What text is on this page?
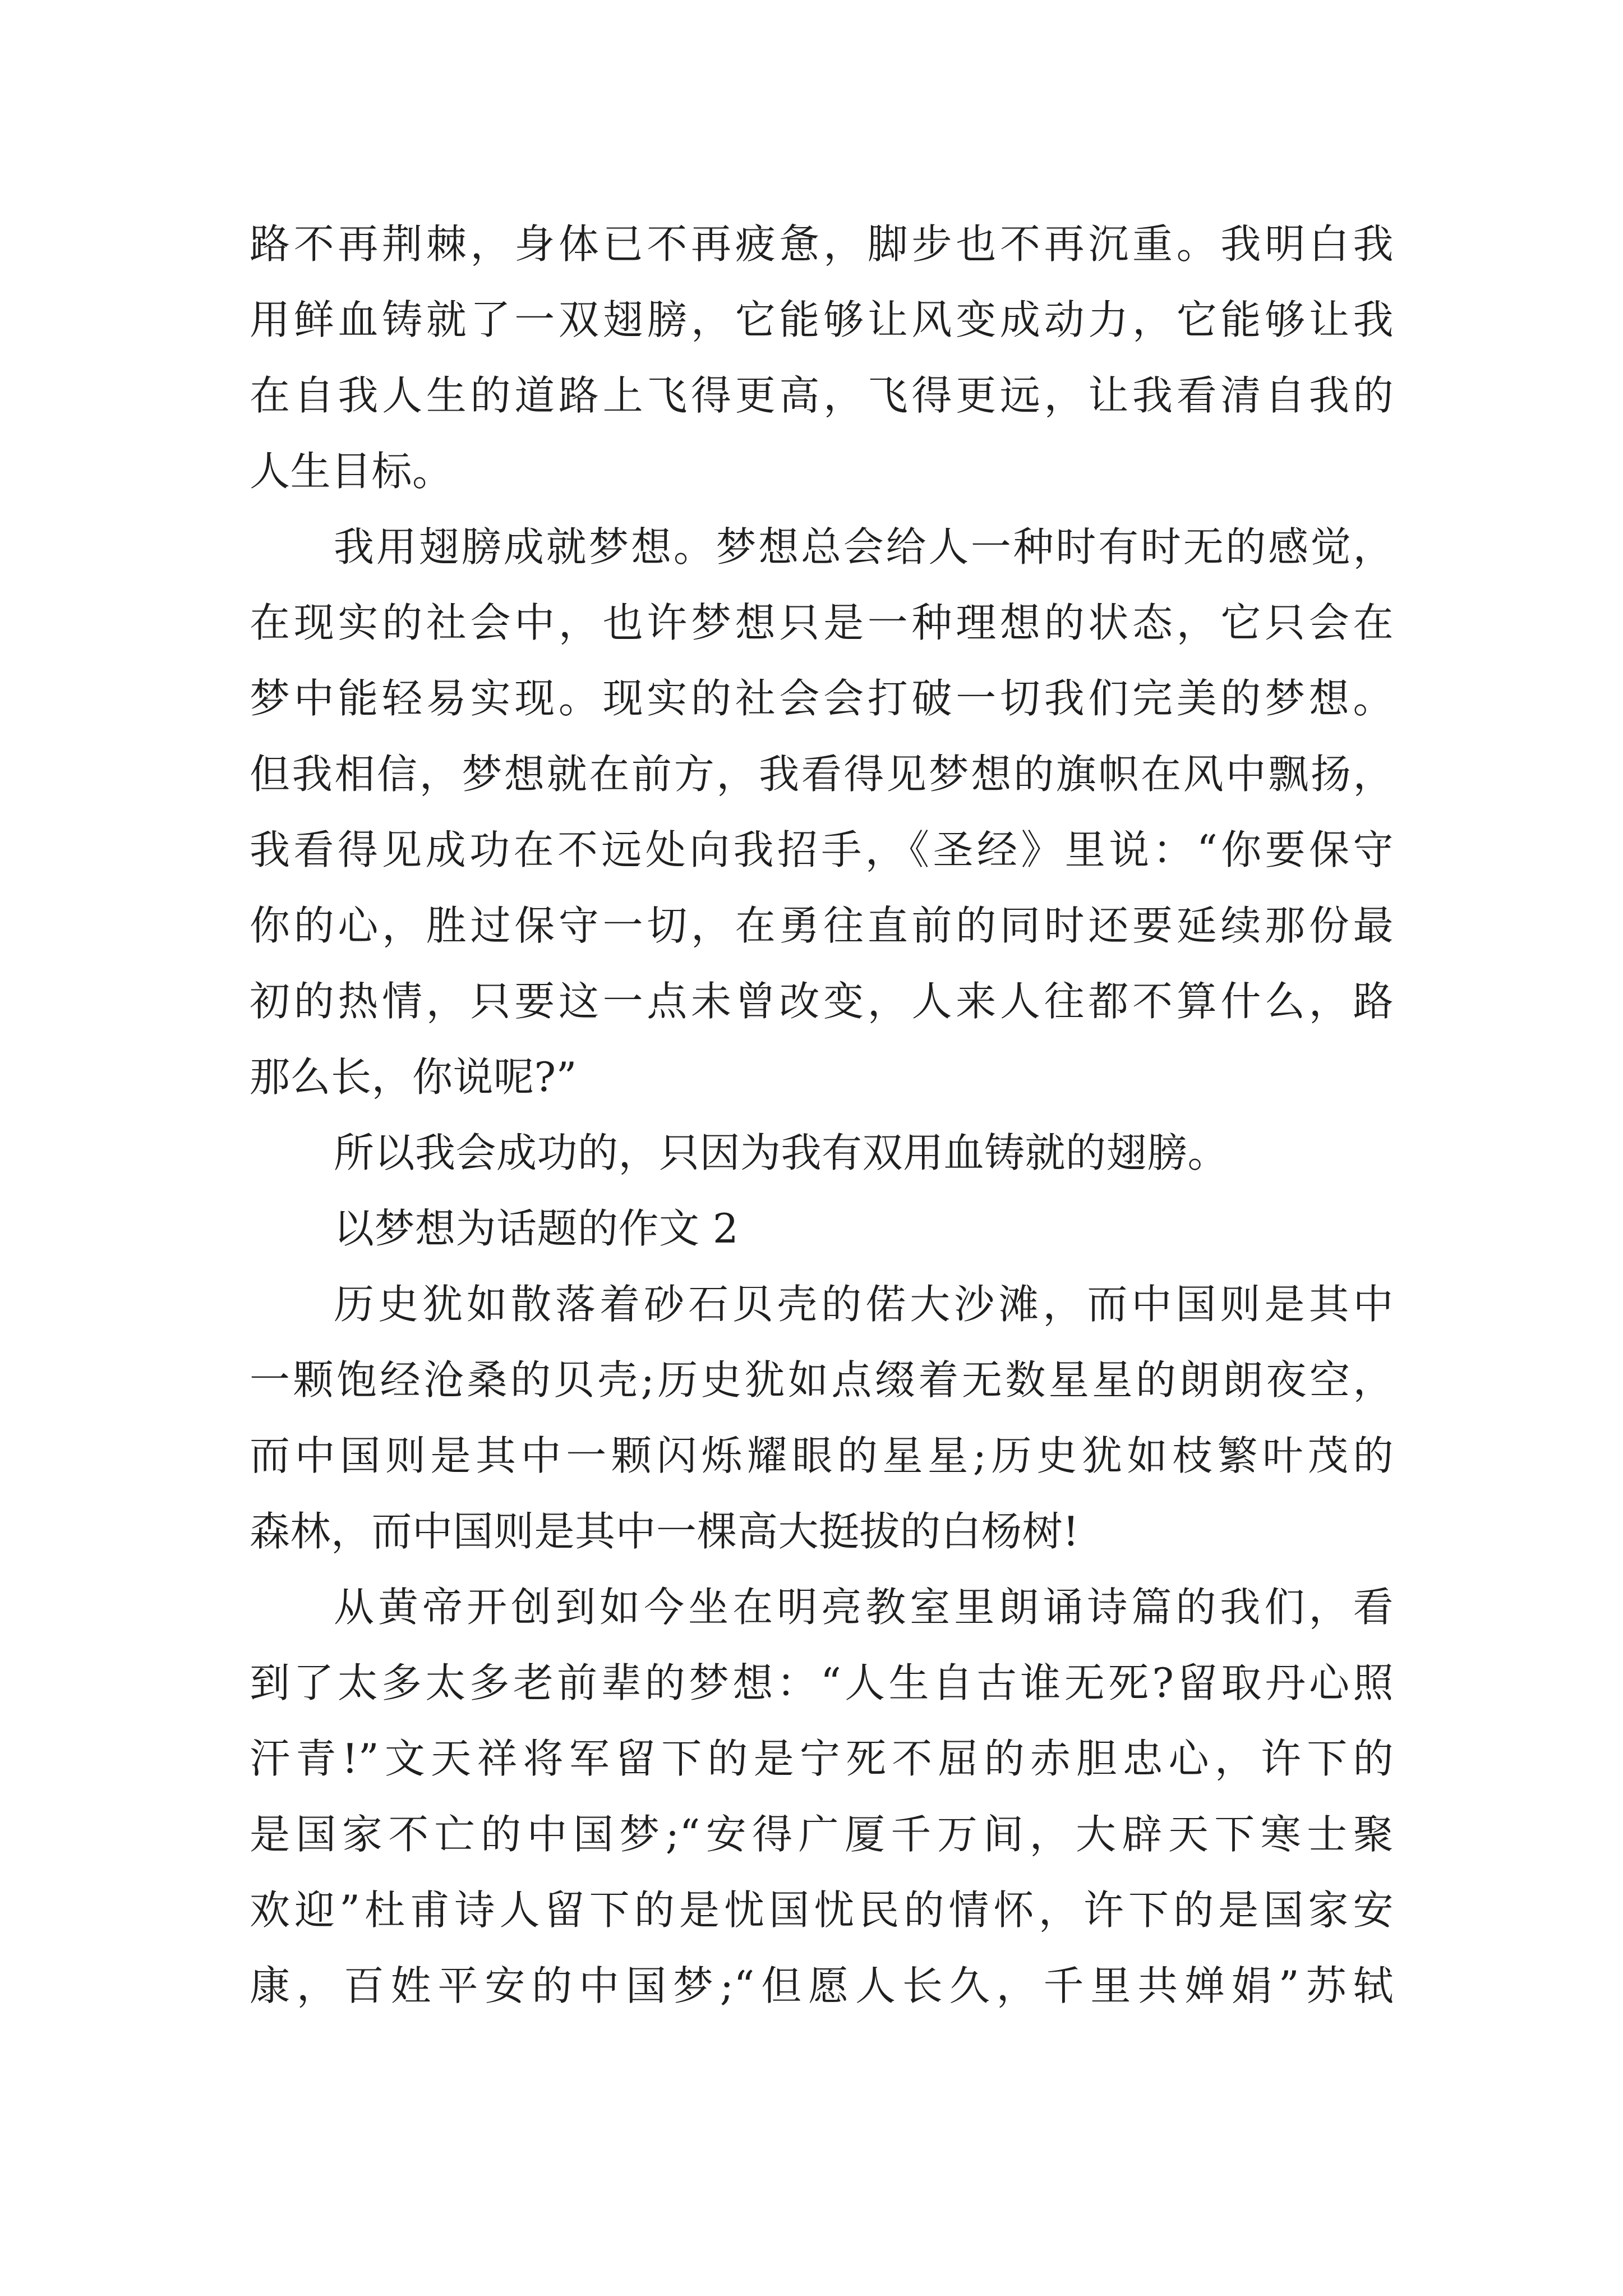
路不再荆棘，身体已不再疲惫，脚步也不再沉重。我明白我
用鲜血铸就了一双翅膀，它能够让风变成动力，它能够让我
在自我人生的道路上飞得更高，飞得更远，让我看清自我的
人生目标。
我用翅膀成就梦想。梦想总会给人一种时有时无的感觉，
在现实的社会中，也许梦想只是一种理想的状态，它只会在
梦中能轻易实现。现实的社会会打破一切我们完美的梦想。
但我相信，梦想就在前方，我看得见梦想的旗帜在风中飘扬，
我看得见成功在不远处向我招手，《圣经》里说：“你要保守
你的心，胜过保守一切，在勇往直前的同时还要延续那份最
初的热情，只要这一点未曾改变，人来人往都不算什么，路
那么长，你说呢?”
所以我会成功的，只因为我有双用血铸就的翅膀。
以梦想为话题的作文 2
历史犹如散落着砂石贝壳的偌大沙滩，而中国则是其中
一颗饱经沧桑的贝壳;历史犹如点缀着无数星星的朗朗夜空，
而中国则是其中一颗闪烁耀眼的星星;历史犹如枝繁叶茂的
森林，而中国则是其中一棵高大挺拔的白杨树!
从黄帝开创到如今坐在明亮教室里朗诵诗篇的我们，看
到了太多太多老前辈的梦想：“人生自古谁无死?留取丹心照
汗青!”文天祥将军留下的是宁死不屈的赤胆忠心，许下的
是国家不亡的中国梦;“安得广厦千万间，大辟天下寒士聚
欢迎”杜甫诗人留下的是忧国忧民的情怀，许下的是国家安
康，百姓平安的中国梦;“但愿人长久，千里共婵娟”苏轼
